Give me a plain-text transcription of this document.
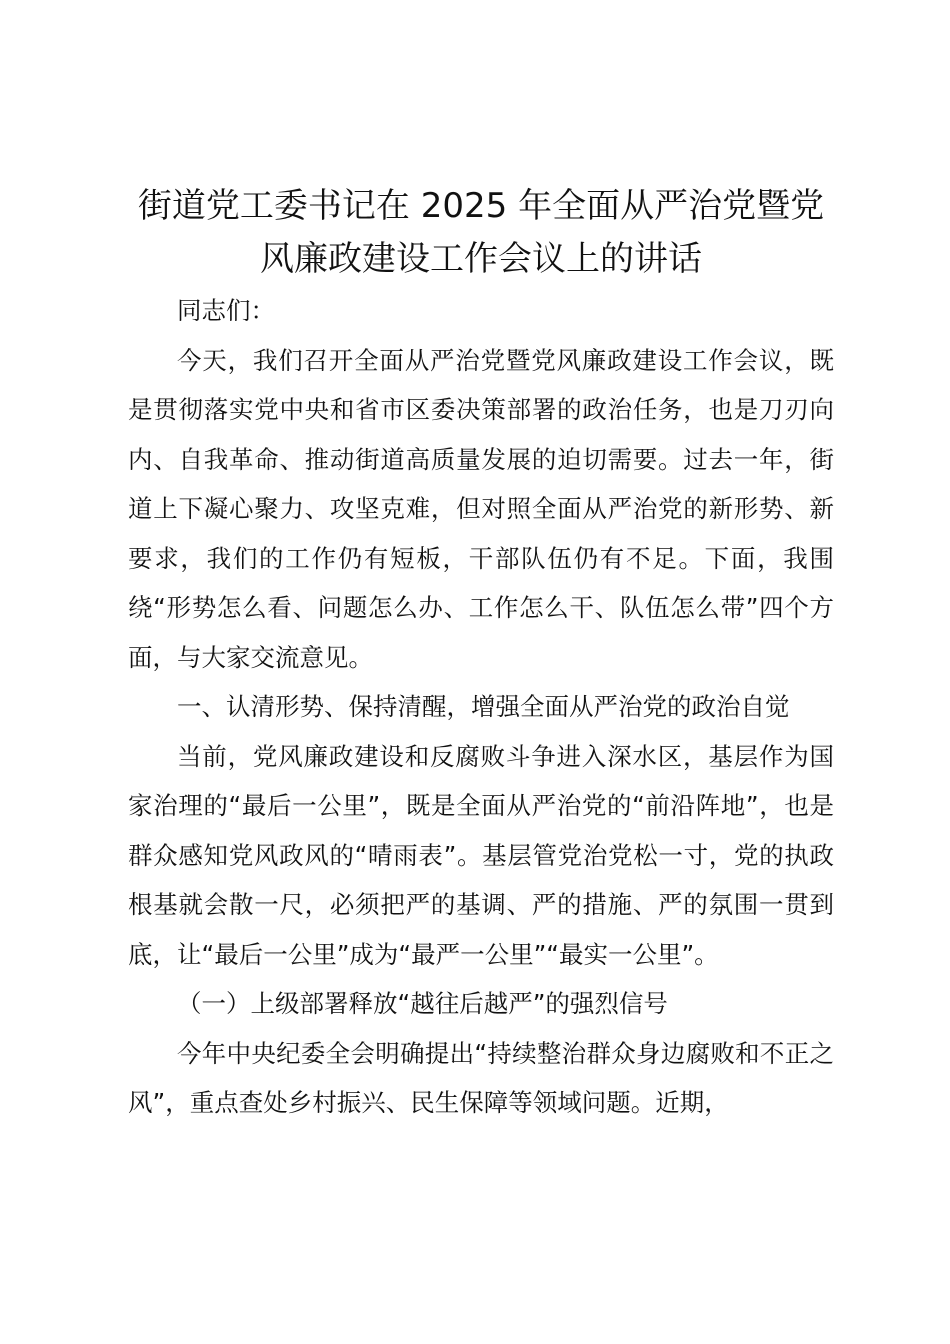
街道党工委书记在 2025 年全面从严治党暨党
风廉政建设工作会议上的讲话

同志们：

今天，我们召开全面从严治党暨党风廉政建设工作会议，既是贯彻落实党中央和省市区委决策部署的政治任务，也是刀刃向内、自我革命、推动街道高质量发展的迫切需要。过去一年，街道上下凝心聚力、攻坚克难，但对照全面从严治党的新形势、新要求，我们的工作仍有短板，干部队伍仍有不足。下面，我围绕“形势怎么看、问题怎么办、工作怎么干、队伍怎么带”四个方面，与大家交流意见。

一、认清形势、保持清醒，增强全面从严治党的政治自觉

当前，党风廉政建设和反腐败斗争进入深水区，基层作为国家治理的“最后一公里”，既是全面从严治党的“前沿阵地”，也是群众感知党风政风的“晴雨表”。基层管党治党松一寸，党的执政根基就会散一尺，必须把严的基调、严的措施、严的氛围一贯到底，让“最后一公里”成为“最严一公里”“最实一公里”。

（一）上级部署释放“越往后越严”的强烈信号

今年中央纪委全会明确提出“持续整治群众身边腐败和不正之风”，重点查处乡村振兴、民生保障等领域问题。近期，
